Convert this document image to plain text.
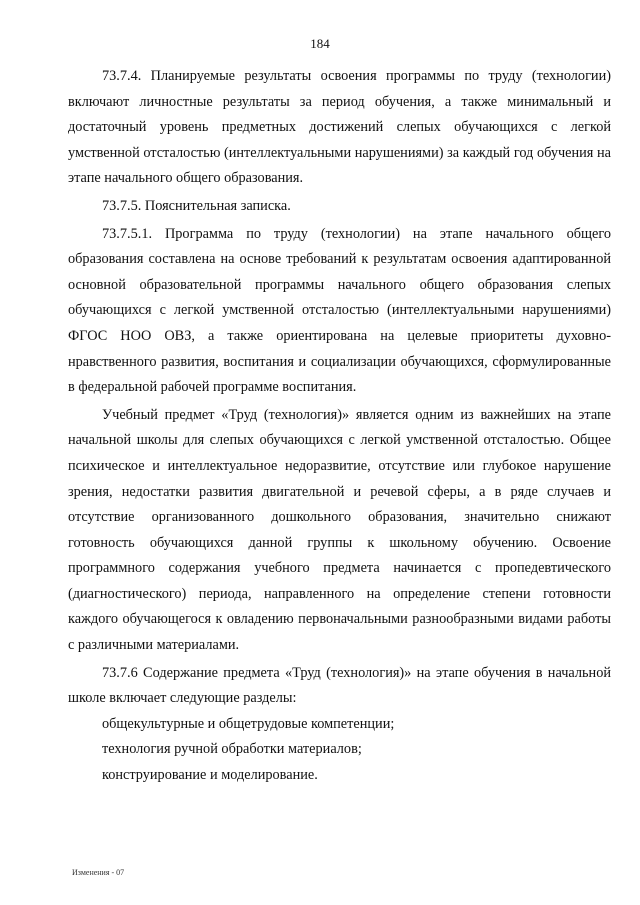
184

73.7.4. Планируемые результаты освоения программы по труду (технологии) включают личностные результаты за период обучения, а также минимальный и достаточный уровень предметных достижений слепых обучающихся с легкой умственной отсталостью (интеллектуальными нарушениями) за каждый год обучения на этапе начального общего образования.

73.7.5. Пояснительная записка.

73.7.5.1. Программа по труду (технологии) на этапе начального общего образования составлена на основе требований к результатам освоения адаптированной основной образовательной программы начального общего образования слепых обучающихся с легкой умственной отсталостью (интеллектуальными нарушениями) ФГОС НОО ОВЗ, а также ориентирована на целевые приоритеты духовно-нравственного развития, воспитания и социализации обучающихся, сформулированные в федеральной рабочей программе воспитания.

Учебный предмет «Труд (технология)» является одним из важнейших на этапе начальной школы для слепых обучающихся с легкой умственной отсталостью. Общее психическое и интеллектуальное недоразвитие, отсутствие или глубокое нарушение зрения, недостатки развития двигательной и речевой сферы, а в ряде случаев и отсутствие организованного дошкольного образования, значительно снижают готовность обучающихся данной группы к школьному обучению. Освоение программного содержания учебного предмета начинается с пропедевтического (диагностического) периода, направленного на определение степени готовности каждого обучающегося к овладению первоначальными разнообразными видами работы с различными материалами.

73.7.6 Содержание предмета «Труд (технология)» на этапе обучения в начальной школе включает следующие разделы:

общекультурные и общетрудовые компетенции;

технология ручной обработки материалов;

конструирование и моделирование.

Изменения - 07
